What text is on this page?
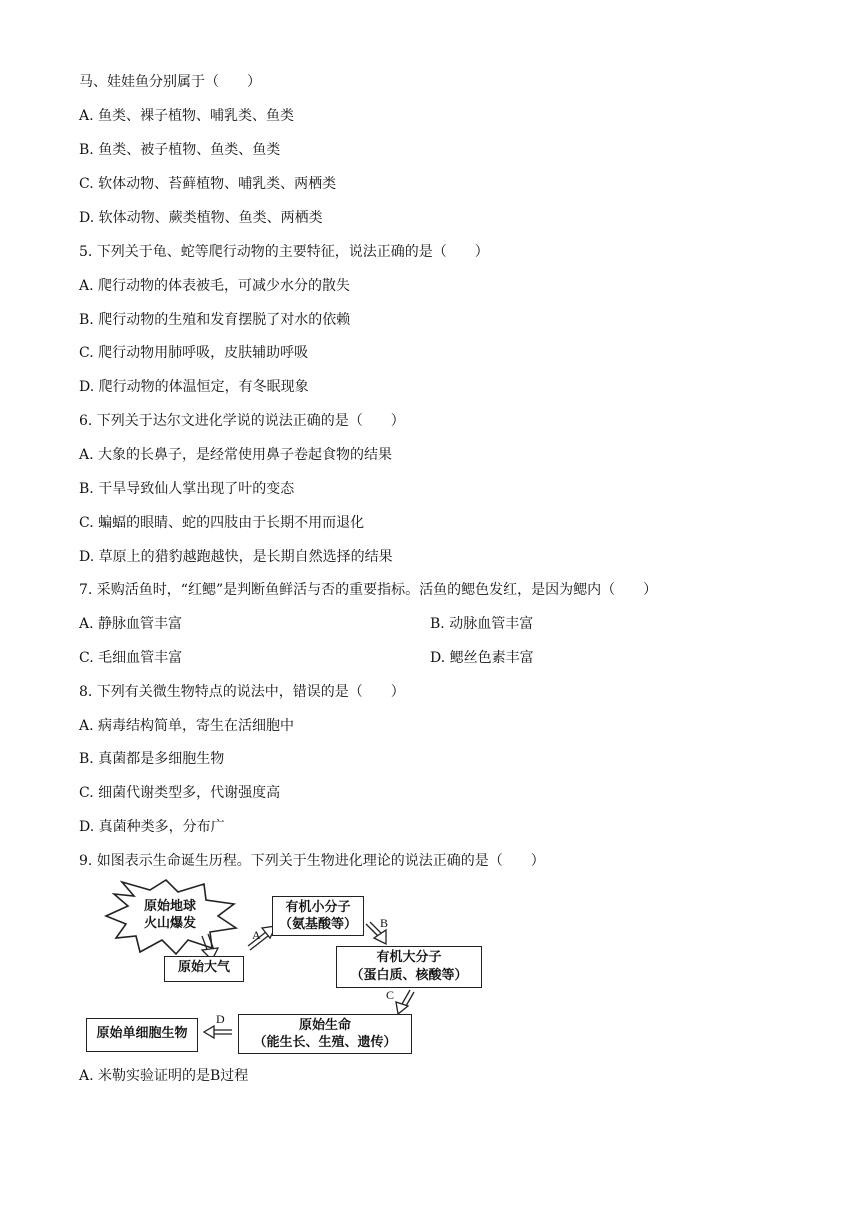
马、娃娃鱼分别属于（　　）
A. 鱼类、裸子植物、哺乳类、鱼类
B. 鱼类、被子植物、鱼类、鱼类
C. 软体动物、苔藓植物、哺乳类、两栖类
D. 软体动物、蕨类植物、鱼类、两栖类
5. 下列关于龟、蛇等爬行动物的主要特征，说法正确的是（　　）
A. 爬行动物的体表被毛，可减少水分的散失
B. 爬行动物的生殖和发育摆脱了对水的依赖
C. 爬行动物用肺呼吸，皮肤辅助呼吸
D. 爬行动物的体温恒定，有冬眠现象
6. 下列关于达尔文进化学说的说法正确的是（　　）
A. 大象的长鼻子，是经常使用鼻子卷起食物的结果
B. 干旱导致仙人掌出现了叶的变态
C. 蝙蝠的眼睛、蛇的四肢由于长期不用而退化
D. 草原上的猎豹越跑越快，是长期自然选择的结果
7. 采购活鱼时，“红鳃”是判断鱼鲜活与否的重要指标。活鱼的鳃色发红，是因为鳃内（　　）
A. 静脉血管丰富	B. 动脉血管丰富
C. 毛细血管丰富	D. 鳃丝色素丰富
8. 下列有关微生物特点的说法中，错误的是（　　）
A. 病毒结构简单，寄生在活细胞中
B. 真菌都是多细胞生物
C. 细菌代谢类型多，代谢强度高
D. 真菌种类多，分布广
9. 如图表示生命诞生历程。下列关于生物进化理论的说法正确的是（　　）
原始地球
火山爆发
原始大气
有机小分子
（氨基酸等）
有机大分子
（蛋白质、核酸等）
原始生命
（能生长、生殖、遗传）
原始单细胞生物
A
B
C
D
A. 米勒实验证明的是B过程
